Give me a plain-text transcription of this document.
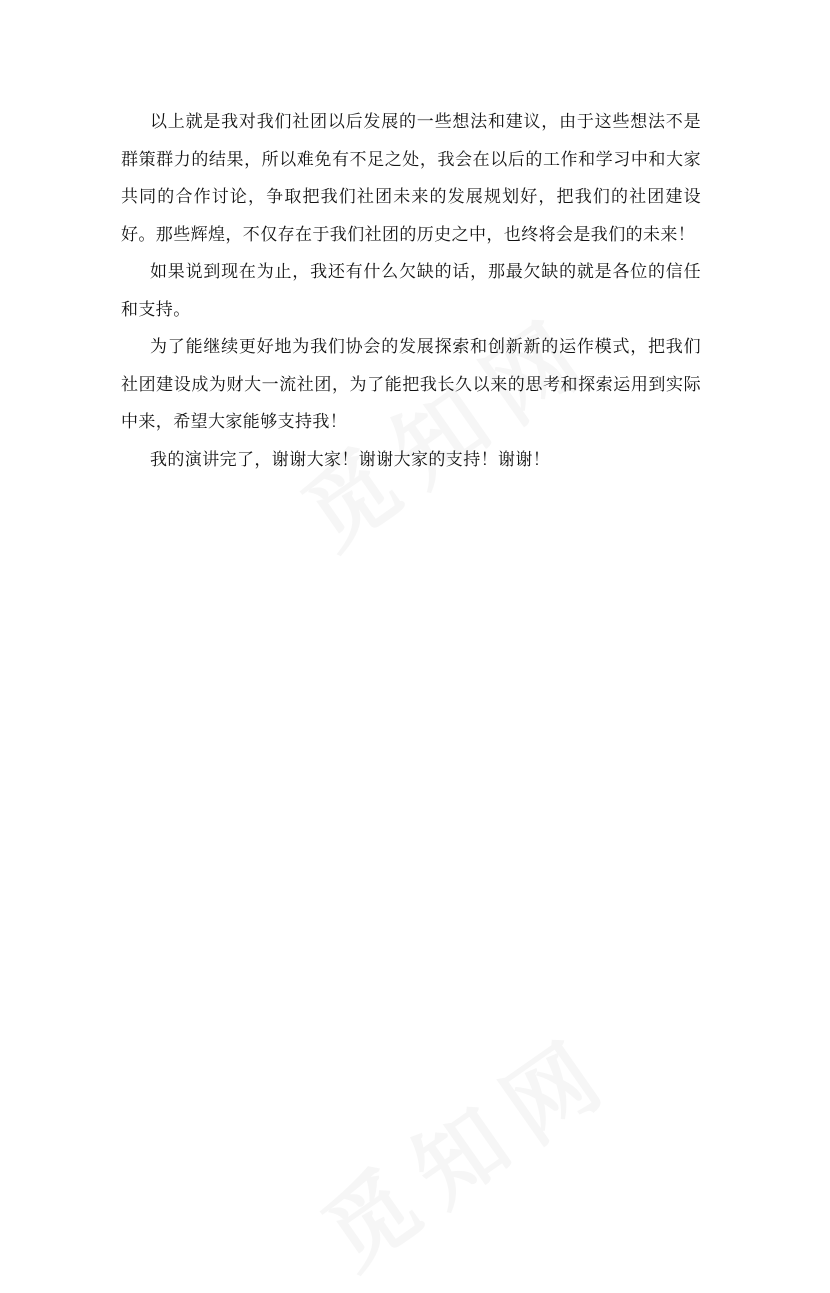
以上就是我对我们社团以后发展的一些想法和建议，由于这些想法不是群策群力的结果，所以难免有不足之处，我会在以后的工作和学习中和大家共同的合作讨论，争取把我们社团未来的发展规划好，把我们的社团建设好。那些辉煌，不仅存在于我们社团的历史之中，也终将会是我们的未来！

如果说到现在为止，我还有什么欠缺的话，那最欠缺的就是各位的信任和支持。

为了能继续更好地为我们协会的发展探索和创新新的运作模式，把我们社团建设成为财大一流社团，为了能把我长久以来的思考和探索运用到实际中来，希望大家能够支持我！

我的演讲完了，谢谢大家！谢谢大家的支持！谢谢！
